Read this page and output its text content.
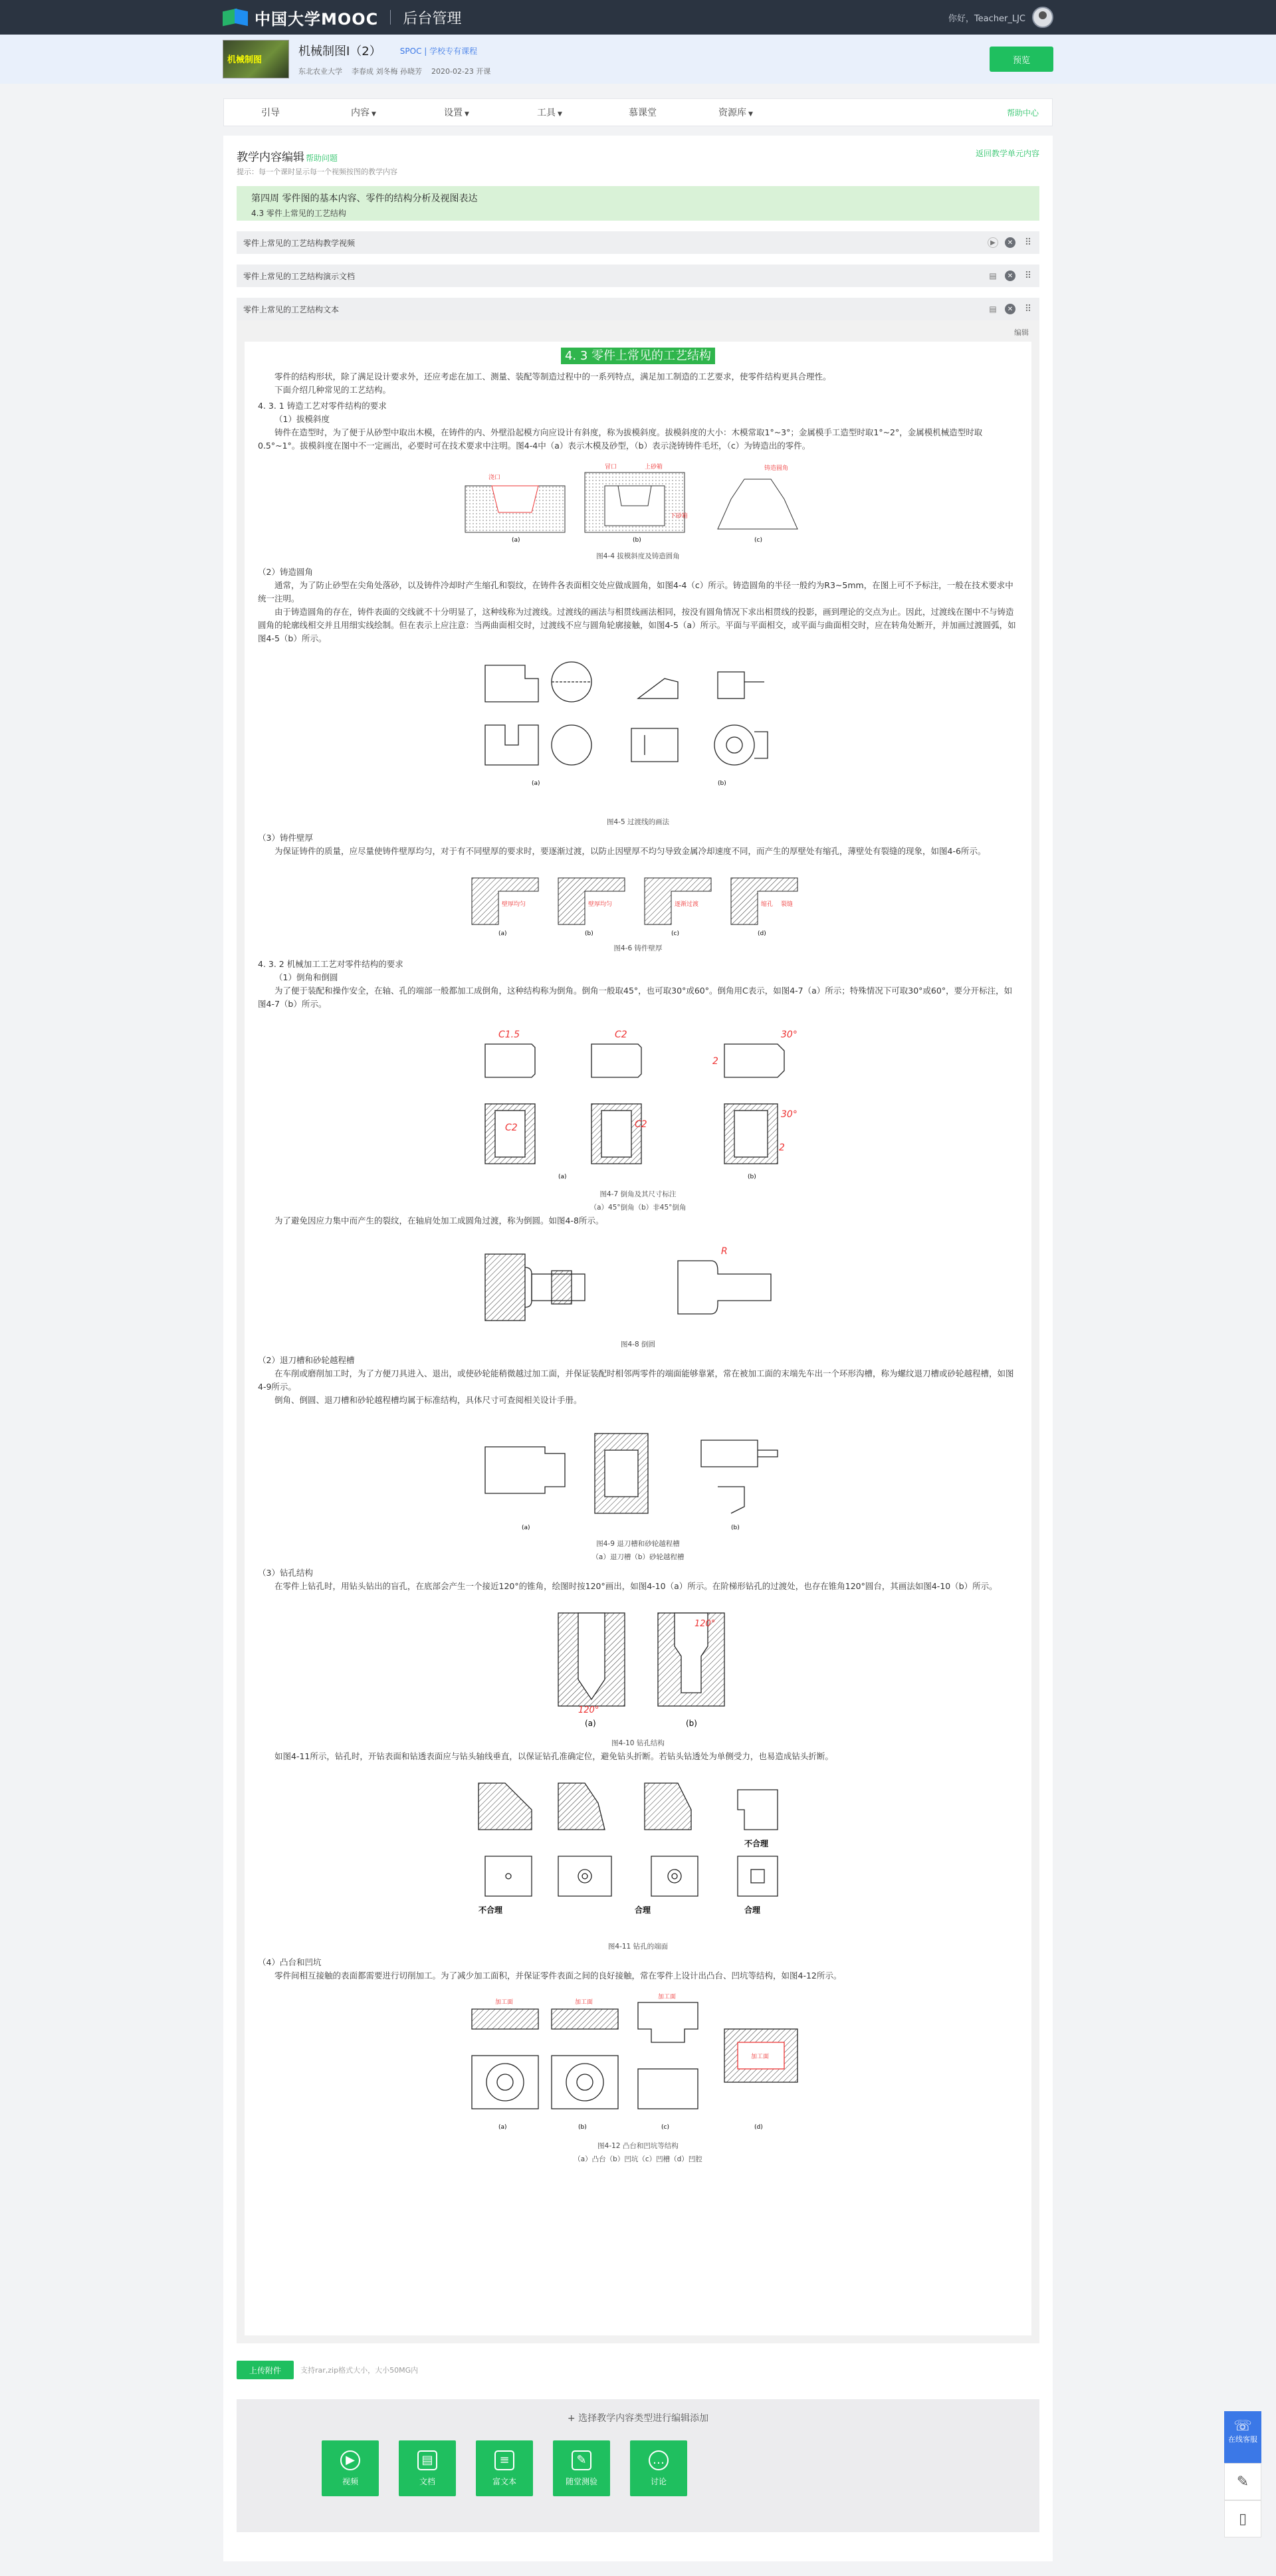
中国大学MOOC 后台管理	你好，Teacher_LJC
机械制图
机械制图Ⅰ（2） SPOC | 学校专有课程
东北农业大学 李春成 刘冬梅 孙晓芳 2020-02-23 开课
预览
引导	内容 ▼	设置 ▼	工具 ▼	慕课堂	资源库 ▼	帮助中心
教学内容编辑 帮助问题
提示：每一个课时显示每一个视频按图的教学内容
返回教学单元内容
第四周 零件图的基本内容、零件的结构分析及视图表达
4.3 零件上常见的工艺结构
零件上常见的工艺结构教学视频	▶	✕ ⠿
零件上常见的工艺结构演示文档	▤	✕ ⠿
零件上常见的工艺结构文本	▤	✕ ⠿
编辑
4. 3 零件上常见的工艺结构

零件的结构形状，除了满足设计要求外，还应考虑在加工、测量、装配等制造过程中的一系列特点，满足加工制造的工艺要求，使零件结构更具合理性。

下面介绍几种常见的工艺结构。

4. 3. 1 铸造工艺对零件结构的要求

（1）拔模斜度

铸件在造型时，为了便于从砂型中取出木模，在铸件的内、外壁沿起模方向应设计有斜度，称为拔模斜度。拔模斜度的大小：木模常取1°~3°；金属模手工造型时取1°~2°，金属模机械造型时取0.5°~1°。拔模斜度在图中不一定画出，必要时可在技术要求中注明。图4-4中（a）表示木模及砂型，（b）表示浇铸铸件毛坯，（c）为铸造出的零件。

浇口
冒口	上砂箱
下砂箱
铸造圆角
(a)	(b)	(c)

图4-4 拔模斜度及铸造圆角

（2）铸造圆角

通常，为了防止砂型在尖角处落砂，以及铸件冷却时产生缩孔和裂纹，在铸件各表面相交处应做成圆角，如图4-4（c）所示。铸造圆角的半径一般约为R3~5mm，在图上可不予标注，一般在技术要求中统一注明。

由于铸造圆角的存在，铸件表面的交线就不十分明显了，这种线称为过渡线。过渡线的画法与相贯线画法相同，按没有圆角情况下求出相贯线的投影，画到理论的交点为止。因此，过渡线在图中不与铸造圆角的轮廓线相交并且用细实线绘制。但在表示上应注意：当两曲面相交时，过渡线不应与圆角轮廓接触，如图4-5（a）所示。平面与平面相交，或平面与曲面相交时，应在转角处断开，并加画过渡圆弧，如图4-5（b）所示。

(a)	(b)

图4-5 过渡线的画法

（3）铸件壁厚

为保证铸件的质量，应尽量使铸件壁厚均匀，对于有不同壁厚的要求时，要逐渐过渡，以防止因壁厚不均匀导致金属冷却速度不同，而产生的厚壁处有缩孔，薄壁处有裂缝的现象，如图4-6所示。

壁厚均匀	壁厚均匀	逐渐过渡	缩孔 裂缝
(a)	(b)	(c)	(d)

图4-6 铸件壁厚

4. 3. 2 机械加工工艺对零件结构的要求

（1）倒角和倒圆

为了便于装配和操作安全，在轴、孔的端部一般都加工成倒角，这种结构称为倒角。倒角一般取45°，也可取30°或60°。倒角用C表示，如图4-7（a）所示；特殊情况下可取30°或60°，要分开标注，如图4-7（b）所示。

C1.5	C2	30°
2
C2	C2
30°
2
(a)	(b)

图4-7 倒角及其尺寸标注

（a）45°倒角（b）非45°倒角

为了避免因应力集中而产生的裂纹，在轴肩处加工成圆角过渡，称为倒圆。如图4-8所示。

R

图4-8 倒圆

（2）退刀槽和砂轮越程槽

在车削或磨削加工时，为了方便刀具进入、退出，或使砂轮能稍微越过加工面，并保证装配时相邻两零件的端面能够靠紧，常在被加工面的末端先车出一个环形沟槽，称为螺纹退刀槽或砂轮越程槽，如图4-9所示。

倒角、倒圆、退刀槽和砂轮越程槽均属于标准结构，具体尺寸可查阅相关设计手册。

(a)	(b)

图4-9 退刀槽和砂轮越程槽

（a）退刀槽（b）砂轮越程槽

（3）钻孔结构

在零件上钻孔时，用钻头钻出的盲孔，在底部会产生一个接近120°的锥角，绘图时按120°画出，如图4-10（a）所示。在阶梯形钻孔的过渡处，也存在锥角120°圆台，其画法如图4-10（b）所示。

120°
120°
(a)	(b)

图4-10 钻孔结构

如图4-11所示，钻孔时，开钻表面和钻透表面应与钻头轴线垂直，以保证钻孔准确定位，避免钻头折断。若钻头钻透处为单侧受力，也易造成钻头折断。

不合理
不合理	合理	合理

图4-11 钻孔的端面

（4）凸台和凹坑

零件间相互接触的表面都需要进行切削加工。为了减少加工面积，并保证零件表面之间的良好接触，常在零件上设计出凸台、凹坑等结构，如图4-12所示。

加工面	加工面
加工面
加工面
(a)	(b)	(c)	(d)

图4-12 凸台和凹坑等结构

（a）凸台（b）凹坑（c）凹槽（d）凹腔

上传附件	支持rar,zip格式大小，大小50MG内
+ 选择教学内容类型进行编辑添加
▶
视频
▤
文档
≡
富文本
✎
随堂测验
…
讨论
☏
在线客服
✎
▯
